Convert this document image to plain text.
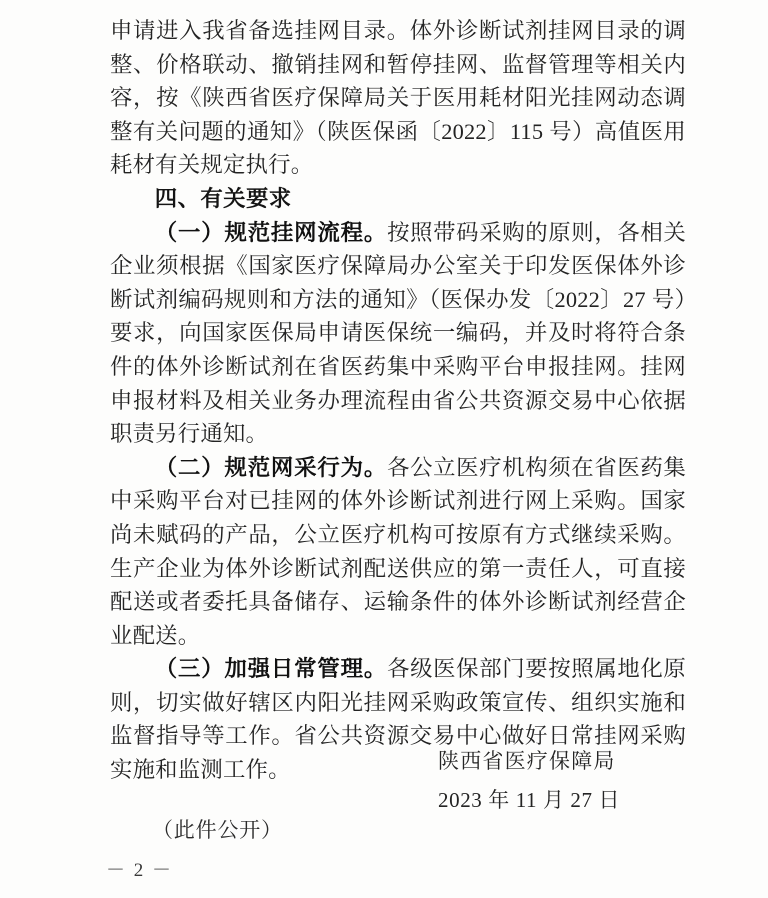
申请进入我省备选挂网目录。体外诊断试剂挂网目录的调整、价格联动、撤销挂网和暂停挂网、监督管理等相关内容，按《陕西省医疗保障局关于医用耗材阳光挂网动态调整有关问题的通知》（陕医保函〔2022〕115 号）高值医用耗材有关规定执行。

四、有关要求

（一）规范挂网流程。按照带码采购的原则，各相关企业须根据《国家医疗保障局办公室关于印发医保体外诊断试剂编码规则和方法的通知》（医保办发〔2022〕27 号）要求，向国家医保局申请医保统一编码，并及时将符合条件的体外诊断试剂在省医药集中采购平台申报挂网。挂网申报材料及相关业务办理流程由省公共资源交易中心依据职责另行通知。

（二）规范网采行为。各公立医疗机构须在省医药集中采购平台对已挂网的体外诊断试剂进行网上采购。国家尚未赋码的产品，公立医疗机构可按原有方式继续采购。生产企业为体外诊断试剂配送供应的第一责任人，可直接配送或者委托具备储存、运输条件的体外诊断试剂经营企业配送。

（三）加强日常管理。各级医保部门要按照属地化原则，切实做好辖区内阳光挂网采购政策宣传、组织实施和监督指导等工作。省公共资源交易中心做好日常挂网采购实施和监测工作。	陕西省医疗保障局
2023 年 11 月 27 日
（此件公开）
－ 2 －
